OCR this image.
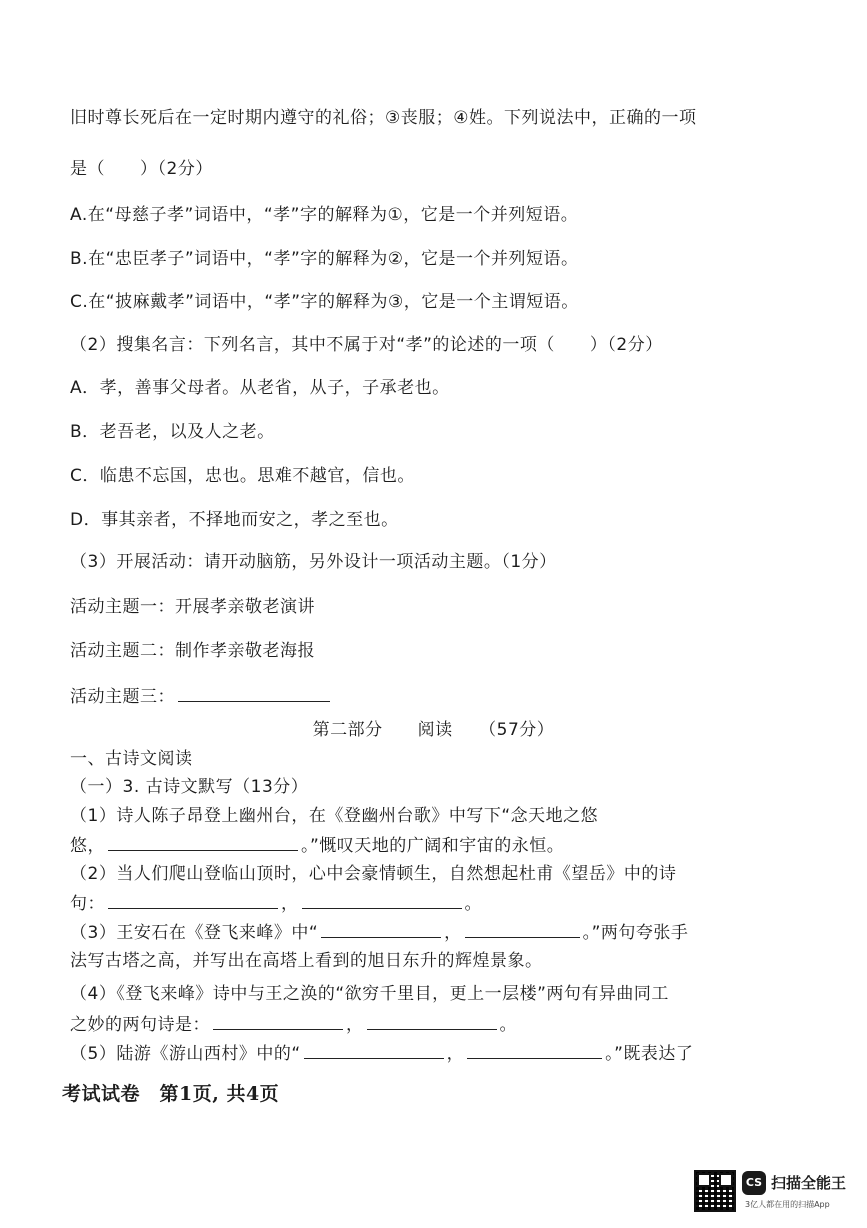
旧时尊长死后在一定时期内遵守的礼俗；③丧服；④姓。下列说法中，正确的一项
是（　　）（2分）
A.在“母慈子孝”词语中，“孝”字的解释为①，它是一个并列短语。
B.在“忠臣孝子”词语中，“孝”字的解释为②，它是一个并列短语。
C.在“披麻戴孝”词语中，“孝”字的解释为③，它是一个主谓短语。
（2）搜集名言：下列名言，其中不属于对“孝”的论述的一项（　　）（2分）
A．孝，善事父母者。从老省，从子，子承老也。
B．老吾老，以及人之老。
C．临患不忘国，忠也。思难不越官，信也。
D．事其亲者，不择地而安之，孝之至也。
（3）开展活动：请开动脑筋，另外设计一项活动主题。（1分）
活动主题一：开展孝亲敬老演讲
活动主题二：制作孝亲敬老海报
活动主题三：
第二部分　　阅读　　（57分）
一、古诗文阅读
（一）3. 古诗文默写（13分）
（1）诗人陈子昂登上幽州台，在《登幽州台歌》中写下“念天地之悠
悠，	。”慨叹天地的广阔和宇宙的永恒。
（2）当人们爬山登临山顶时，心中会豪情顿生，自然想起杜甫《望岳》中的诗
句：	，	。
（3）王安石在《登飞来峰》中“	，	。”两句夸张手
法写古塔之高，并写出在高塔上看到的旭日东升的辉煌景象。
（4）《登飞来峰》诗中与王之涣的“欲穷千里目，更上一层楼”两句有异曲同工
之妙的两句诗是：	，	。
（5）陆游《游山西村》中的“	，	。”既表达了
考试试卷　第1页, 共4页
CS 扫描全能王
3亿人都在用的扫描App
